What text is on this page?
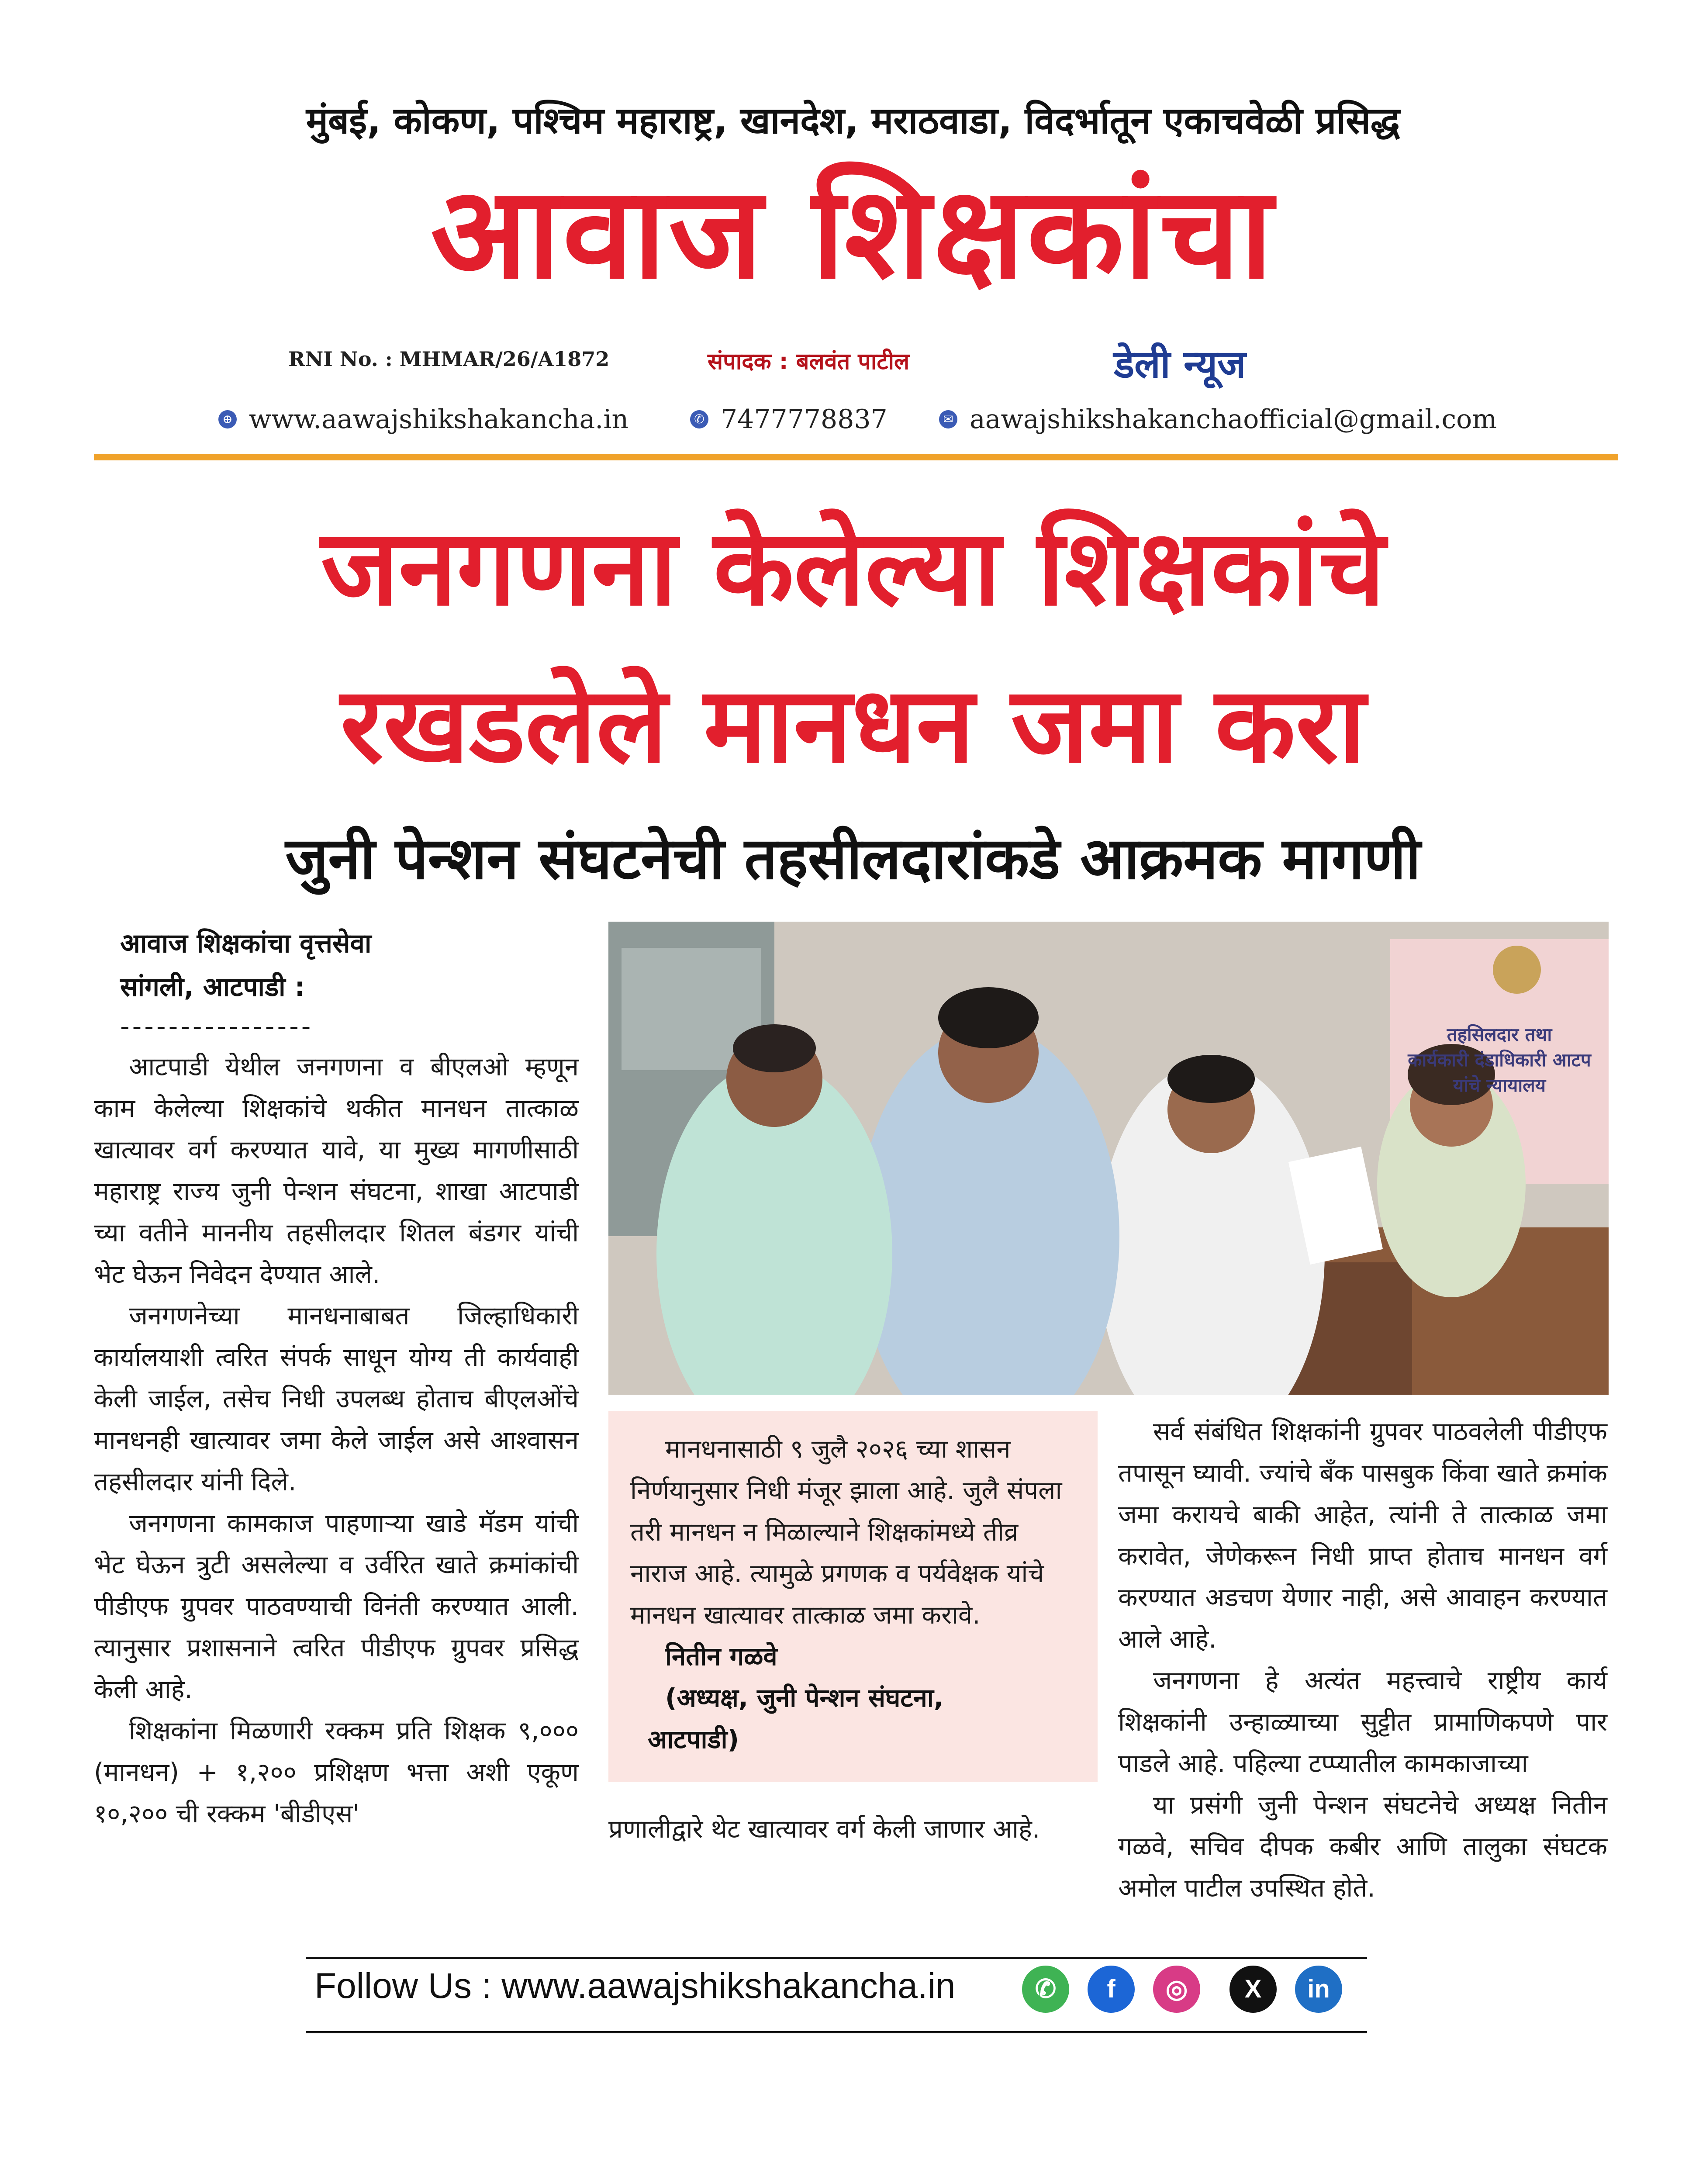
मुंबई, कोकण, पश्चिम महाराष्ट्र, खानदेश, मराठवाडा, विदर्भातून एकाचवेळी प्रसिद्ध
आवाज शिक्षकांचा
RNI No. : MHMAR/26/A1872	संपादक : बलवंत पाटील	डेली न्यूज
⊕ www.aawajshikshakancha.in	✆ 7477778837	✉ aawajshikshakanchaofficial@gmail.com
जनगणना केलेल्या शिक्षकांचे
रखडलेले मानधन जमा करा
जुनी पेन्शन संघटनेची तहसीलदारांकडे आक्रमक मागणी
आवाज शिक्षकांचा वृत्तसेवा
सांगली, आटपाडी :
----------------

आटपाडी येथील जनगणना व बीएलओ म्हणून काम केलेल्या शिक्षकांचे थकीत मानधन तात्काळ खात्यावर वर्ग करण्यात यावे, या मुख्य मागणीसाठी महाराष्ट्र राज्य जुनी पेन्शन संघटना, शाखा आटपाडी च्या वतीने माननीय तहसीलदार शितल बंडगर यांची भेट घेऊन निवेदन देण्यात आले.

जनगणनेच्या मानधनाबाबत जिल्हाधिकारी कार्यालयाशी त्वरित संपर्क साधून योग्य ती कार्यवाही केली जाईल, तसेच निधी उपलब्ध होताच बीएलओंचे मानधनही खात्यावर जमा केले जाईल असे आश्वासन तहसीलदार यांनी दिले.

जनगणना कामकाज पाहणाऱ्या खाडे मॅडम यांची भेट घेऊन त्रुटी असलेल्या व उर्वरित खाते क्रमांकांची पीडीएफ ग्रुपवर पाठवण्याची विनंती करण्यात आली. त्यानुसार प्रशासनाने त्वरित पीडीएफ ग्रुपवर प्रसिद्ध केली आहे.

शिक्षकांना मिळणारी रक्कम प्रति शिक्षक ९,००० (मानधन) + १,२०० प्रशिक्षण भत्ता अशी एकूण १०,२०० ची रक्कम 'बीडीएस'

तहसिलदार तथा
कार्यकारी दंडाधिकारी आटप
यांचे न्यायालय
मानधनासाठी ९ जुलै २०२६ च्या शासन निर्णयानुसार निधी मंजूर झाला आहे. जुलै संपला तरी मानधन न मिळाल्याने शिक्षकांमध्ये तीव्र नाराज आहे. त्यामुळे प्रगणक व पर्यवेक्षक यांचे मानधन खात्यावर तात्काळ जमा करावे.
नितीन गळवे
(अध्यक्ष, जुनी पेन्शन संघटना,
आटपाडी)

प्रणालीद्वारे थेट खात्यावर वर्ग केली जाणार आहे.

सर्व संबंधित शिक्षकांनी ग्रुपवर पाठवलेली पीडीएफ तपासून घ्यावी. ज्यांचे बँक पासबुक किंवा खाते क्रमांक जमा करायचे बाकी आहेत, त्यांनी ते तात्काळ जमा करावेत, जेणेकरून निधी प्राप्त होताच मानधन वर्ग करण्यात अडचण येणार नाही, असे आवाहन करण्यात आले आहे.

जनगणना हे अत्यंत महत्त्वाचे राष्ट्रीय कार्य शिक्षकांनी उन्हाळ्याच्या सुट्टीत प्रामाणिकपणे पार पाडले आहे. पहिल्या टप्प्यातील कामकाजाच्या

या प्रसंगी जुनी पेन्शन संघटनेचे अध्यक्ष नितीन गळवे, सचिव दीपक कबीर आणि तालुका संघटक अमोल पाटील उपस्थित होते.

Follow Us : www.aawajshikshakancha.in	✆	f	◎	X	in
